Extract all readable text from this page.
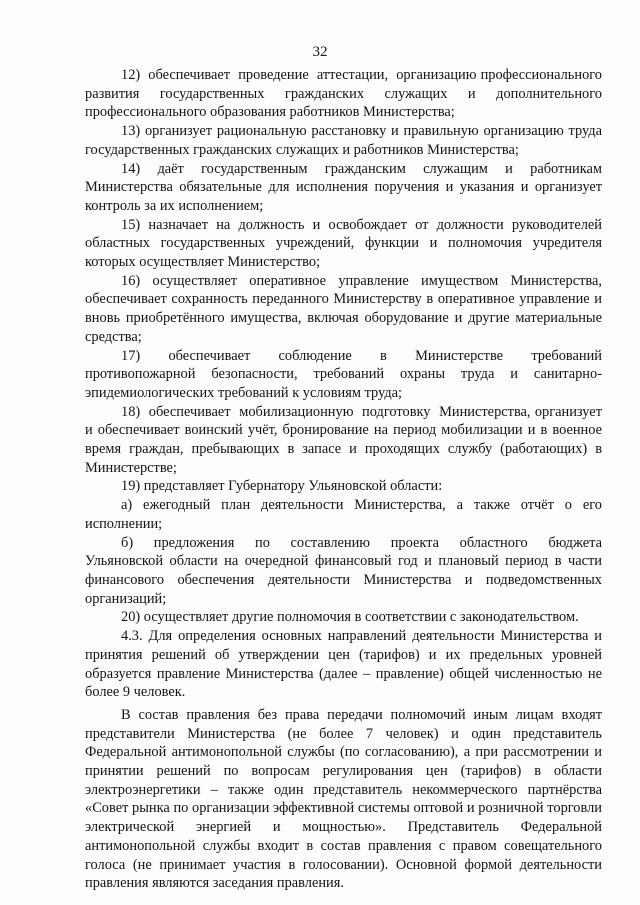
32

12)  обеспечивает  проведение  аттестации,  организацию профессионального развития государственных гражданских служащих и дополнительного профессионального образования работников Министерства;

13) организует рациональную расстановку и правильную организацию труда государственных гражданских служащих и работников Министерства;

14) даёт государственным гражданским служащим и работникам Министерства обязательные для исполнения поручения и указания и организует контроль за их исполнением;

15) назначает на должность и освобождает от должности руководителей областных государственных учреждений, функции и полномочия учредителя которых осуществляет Министерство;

16) осуществляет оперативное управление имуществом Министерства, обеспечивает сохранность переданного Министерству в оперативное управление и вновь приобретённого имущества, включая оборудование и другие материальные средства;

17)  обеспечивает  соблюдение  в  Министерстве  требований противопожарной безопасности, требований охраны труда и санитарно-эпидемиологических требований к условиям труда;

18)  обеспечивает  мобилизационную  подготовку  Министерства, организует и обеспечивает воинский учёт, бронирование на период мобилизации и в военное время граждан, пребывающих в запасе и проходящих службу (работающих) в Министерстве;

19) представляет Губернатору Ульяновской области:

а) ежегодный план деятельности Министерства, а также отчёт о его исполнении;

б)  предложения  по  составлению  проекта  областного  бюджета Ульяновской области на очередной финансовый год и плановый период в части финансового обеспечения деятельности Министерства и подведомственных организаций;

20) осуществляет другие полномочия в соответствии с законодательством.

4.3. Для определения основных направлений деятельности Министерства и принятия решений об утверждении цен (тарифов) и их предельных уровней образуется правление Министерства (далее – правление) общей численностью не более 9 человек.

В состав правления без права передачи полномочий иным лицам входят представители Министерства (не более 7 человек) и один представитель Федеральной антимонопольной службы (по согласованию), а при рассмотрении и принятии решений по вопросам регулирования цен (тарифов) в области электроэнергетики – также один представитель некоммерческого партнёрства «Совет рынка по организации эффективной системы оптовой и розничной торговли электрической энергией и мощностью». Представитель Федеральной антимонопольной службы входит в состав правления с правом совещательного голоса (не принимает участия в голосовании). Основной формой деятельности правления являются заседания правления.
